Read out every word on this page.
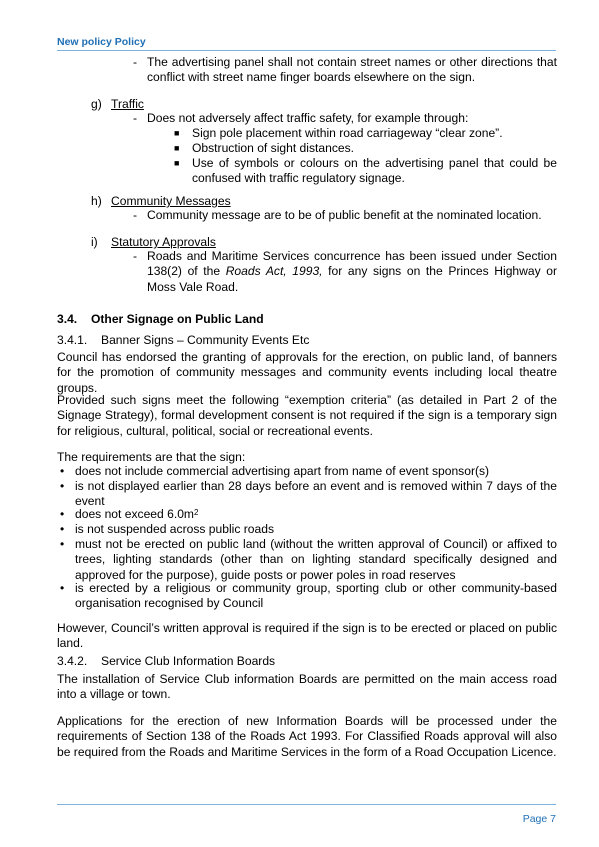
New policy Policy
- The advertising panel shall not contain street names or other directions that conflict with street name finger boards elsewhere on the sign.
g) Traffic
- Does not adversely affect traffic safety, for example through:
■ Sign pole placement within road carriageway “clear zone”.
■ Obstruction of sight distances.
■ Use of symbols or colours on the advertising panel that could be confused with traffic regulatory signage.
h) Community Messages
- Community message are to be of public benefit at the nominated location.
i) Statutory Approvals
- Roads and Maritime Services concurrence has been issued under Section 138(2) of the Roads Act, 1993, for any signs on the Princes Highway or Moss Vale Road.
3.4. Other Signage on Public Land
3.4.1. Banner Signs – Community Events Etc
Council has endorsed the granting of approvals for the erection, on public land, of banners for the promotion of community messages and community events including local theatre groups.
Provided such signs meet the following “exemption criteria” (as detailed in Part 2 of the Signage Strategy), formal development consent is not required if the sign is a temporary sign for religious, cultural, political, social or recreational events.
The requirements are that the sign:
• does not include commercial advertising apart from name of event sponsor(s)
• is not displayed earlier than 28 days before an event and is removed within 7 days of the event
• does not exceed $6.0m^2$
• is not suspended across public roads
• must not be erected on public land (without the written approval of Council) or affixed to trees, lighting standards (other than on lighting standard specifically designed and approved for the purpose), guide posts or power poles in road reserves
• is erected by a religious or community group, sporting club or other community-based organisation recognised by Council
However, Council’s written approval is required if the sign is to be erected or placed on public land.
3.4.2. Service Club Information Boards
The installation of Service Club information Boards are permitted on the main access road into a village or town.
Applications for the erection of new Information Boards will be processed under the requirements of Section 138 of the Roads Act 1993. For Classified Roads approval will also be required from the Roads and Maritime Services in the form of a Road Occupation Licence.
Page 7
